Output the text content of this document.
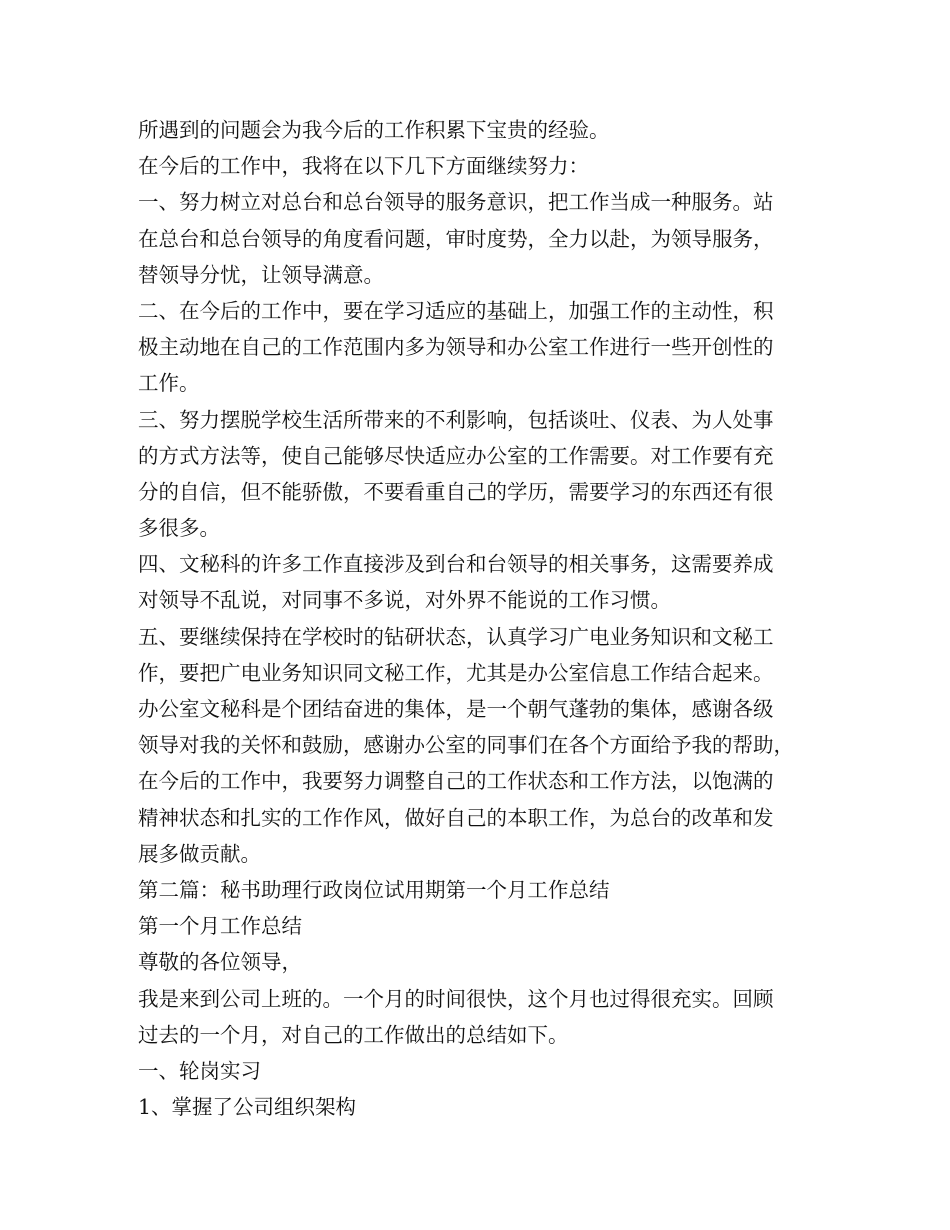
所遇到的问题会为我今后的工作积累下宝贵的经验。
在今后的工作中，我将在以下几下方面继续努力：
一、努力树立对总台和总台领导的服务意识，把工作当成一种服务。站
在总台和总台领导的角度看问题，审时度势，全力以赴，为领导服务，
替领导分忧，让领导满意。
二、在今后的工作中，要在学习适应的基础上，加强工作的主动性，积
极主动地在自己的工作范围内多为领导和办公室工作进行一些开创性的
工作。
三、努力摆脱学校生活所带来的不利影响，包括谈吐、仪表、为人处事
的方式方法等，使自己能够尽快适应办公室的工作需要。对工作要有充
分的自信，但不能骄傲，不要看重自己的学历，需要学习的东西还有很
多很多。
四、文秘科的许多工作直接涉及到台和台领导的相关事务，这需要养成
对领导不乱说，对同事不多说，对外界不能说的工作习惯。
五、要继续保持在学校时的钻研状态，认真学习广电业务知识和文秘工
作，要把广电业务知识同文秘工作，尤其是办公室信息工作结合起来。
办公室文秘科是个团结奋进的集体，是一个朝气蓬勃的集体，感谢各级
领导对我的关怀和鼓励，感谢办公室的同事们在各个方面给予我的帮助，
在今后的工作中，我要努力调整自己的工作状态和工作方法，以饱满的
精神状态和扎实的工作作风，做好自己的本职工作，为总台的改革和发
展多做贡献。
第二篇：秘书助理行政岗位试用期第一个月工作总结
第一个月工作总结
尊敬的各位领导，
我是来到公司上班的。一个月的时间很快，这个月也过得很充实。回顾
过去的一个月，对自己的工作做出的总结如下。
一、轮岗实习
1、掌握了公司组织架构
